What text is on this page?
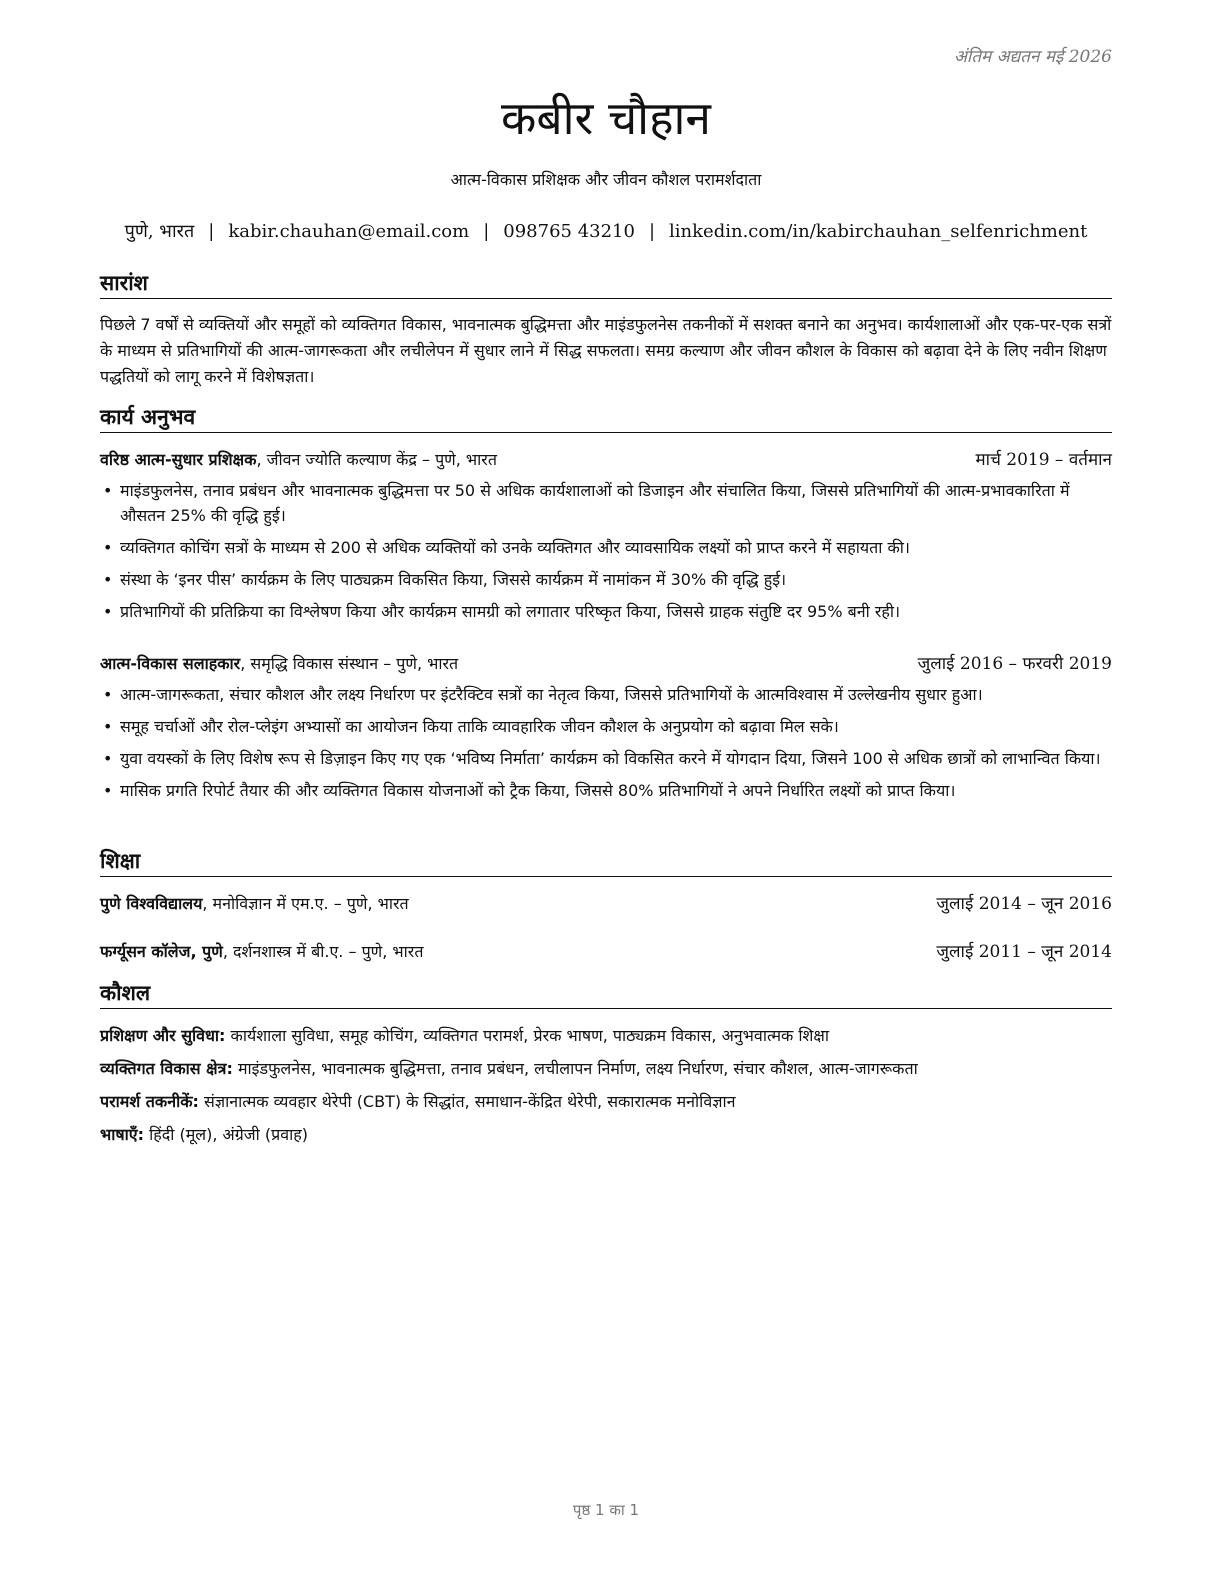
अंतिम अद्यतन मई 2026
कबीर चौहान
आत्म-विकास प्रशिक्षक और जीवन कौशल परामर्शदाता
पुणे, भारत | kabir.chauhan@email.com | 098765 43210 | linkedin.com/in/kabirchauhan_selfenrichment
सारांश
पिछले 7 वर्षों से व्यक्तियों और समूहों को व्यक्तिगत विकास, भावनात्मक बुद्धिमत्ता और माइंडफुलनेस तकनीकों में सशक्त बनाने का अनुभव। कार्यशालाओं और एक-पर-एक सत्रों के माध्यम से प्रतिभागियों की आत्म-जागरूकता और लचीलेपन में सुधार लाने में सिद्ध सफलता। समग्र कल्याण और जीवन कौशल के विकास को बढ़ावा देने के लिए नवीन शिक्षण पद्धतियों को लागू करने में विशेषज्ञता।
कार्य अनुभव
वरिष्ठ आत्म-सुधार प्रशिक्षक, जीवन ज्योति कल्याण केंद्र – पुणे, भारत	मार्च 2019 – वर्तमान
• माइंडफुलनेस, तनाव प्रबंधन और भावनात्मक बुद्धिमत्ता पर 50 से अधिक कार्यशालाओं को डिजाइन और संचालित किया, जिससे प्रतिभागियों की आत्म-प्रभावकारिता में औसतन 25% की वृद्धि हुई।
• व्यक्तिगत कोचिंग सत्रों के माध्यम से 200 से अधिक व्यक्तियों को उनके व्यक्तिगत और व्यावसायिक लक्ष्यों को प्राप्त करने में सहायता की।
• संस्था के ‘इनर पीस’ कार्यक्रम के लिए पाठ्यक्रम विकसित किया, जिससे कार्यक्रम में नामांकन में 30% की वृद्धि हुई।
• प्रतिभागियों की प्रतिक्रिया का विश्लेषण किया और कार्यक्रम सामग्री को लगातार परिष्कृत किया, जिससे ग्राहक संतुष्टि दर 95% बनी रही।
आत्म-विकास सलाहकार, समृद्धि विकास संस्थान – पुणे, भारत	जुलाई 2016 – फरवरी 2019
• आत्म-जागरूकता, संचार कौशल और लक्ष्य निर्धारण पर इंटरैक्टिव सत्रों का नेतृत्व किया, जिससे प्रतिभागियों के आत्मविश्वास में उल्लेखनीय सुधार हुआ।
• समूह चर्चाओं और रोल-प्लेइंग अभ्यासों का आयोजन किया ताकि व्यावहारिक जीवन कौशल के अनुप्रयोग को बढ़ावा मिल सके।
• युवा वयस्कों के लिए विशेष रूप से डिज़ाइन किए गए एक ‘भविष्य निर्माता’ कार्यक्रम को विकसित करने में योगदान दिया, जिसने 100 से अधिक छात्रों को लाभान्वित किया।
• मासिक प्रगति रिपोर्ट तैयार की और व्यक्तिगत विकास योजनाओं को ट्रैक किया, जिससे 80% प्रतिभागियों ने अपने निर्धारित लक्ष्यों को प्राप्त किया।
शिक्षा
पुणे विश्वविद्यालय, मनोविज्ञान में एम.ए. – पुणे, भारत	जुलाई 2014 – जून 2016
फर्ग्यूसन कॉलेज, पुणे, दर्शनशास्त्र में बी.ए. – पुणे, भारत	जुलाई 2011 – जून 2014
कौशल
प्रशिक्षण और सुविधा: कार्यशाला सुविधा, समूह कोचिंग, व्यक्तिगत परामर्श, प्रेरक भाषण, पाठ्यक्रम विकास, अनुभवात्मक शिक्षा
व्यक्तिगत विकास क्षेत्र: माइंडफुलनेस, भावनात्मक बुद्धिमत्ता, तनाव प्रबंधन, लचीलापन निर्माण, लक्ष्य निर्धारण, संचार कौशल, आत्म-जागरूकता
परामर्श तकनीकें: संज्ञानात्मक व्यवहार थेरेपी (CBT) के सिद्धांत, समाधान-केंद्रित थेरेपी, सकारात्मक मनोविज्ञान
भाषाएँ: हिंदी (मूल), अंग्रेजी (प्रवाह)
पृष्ठ 1 का 1
